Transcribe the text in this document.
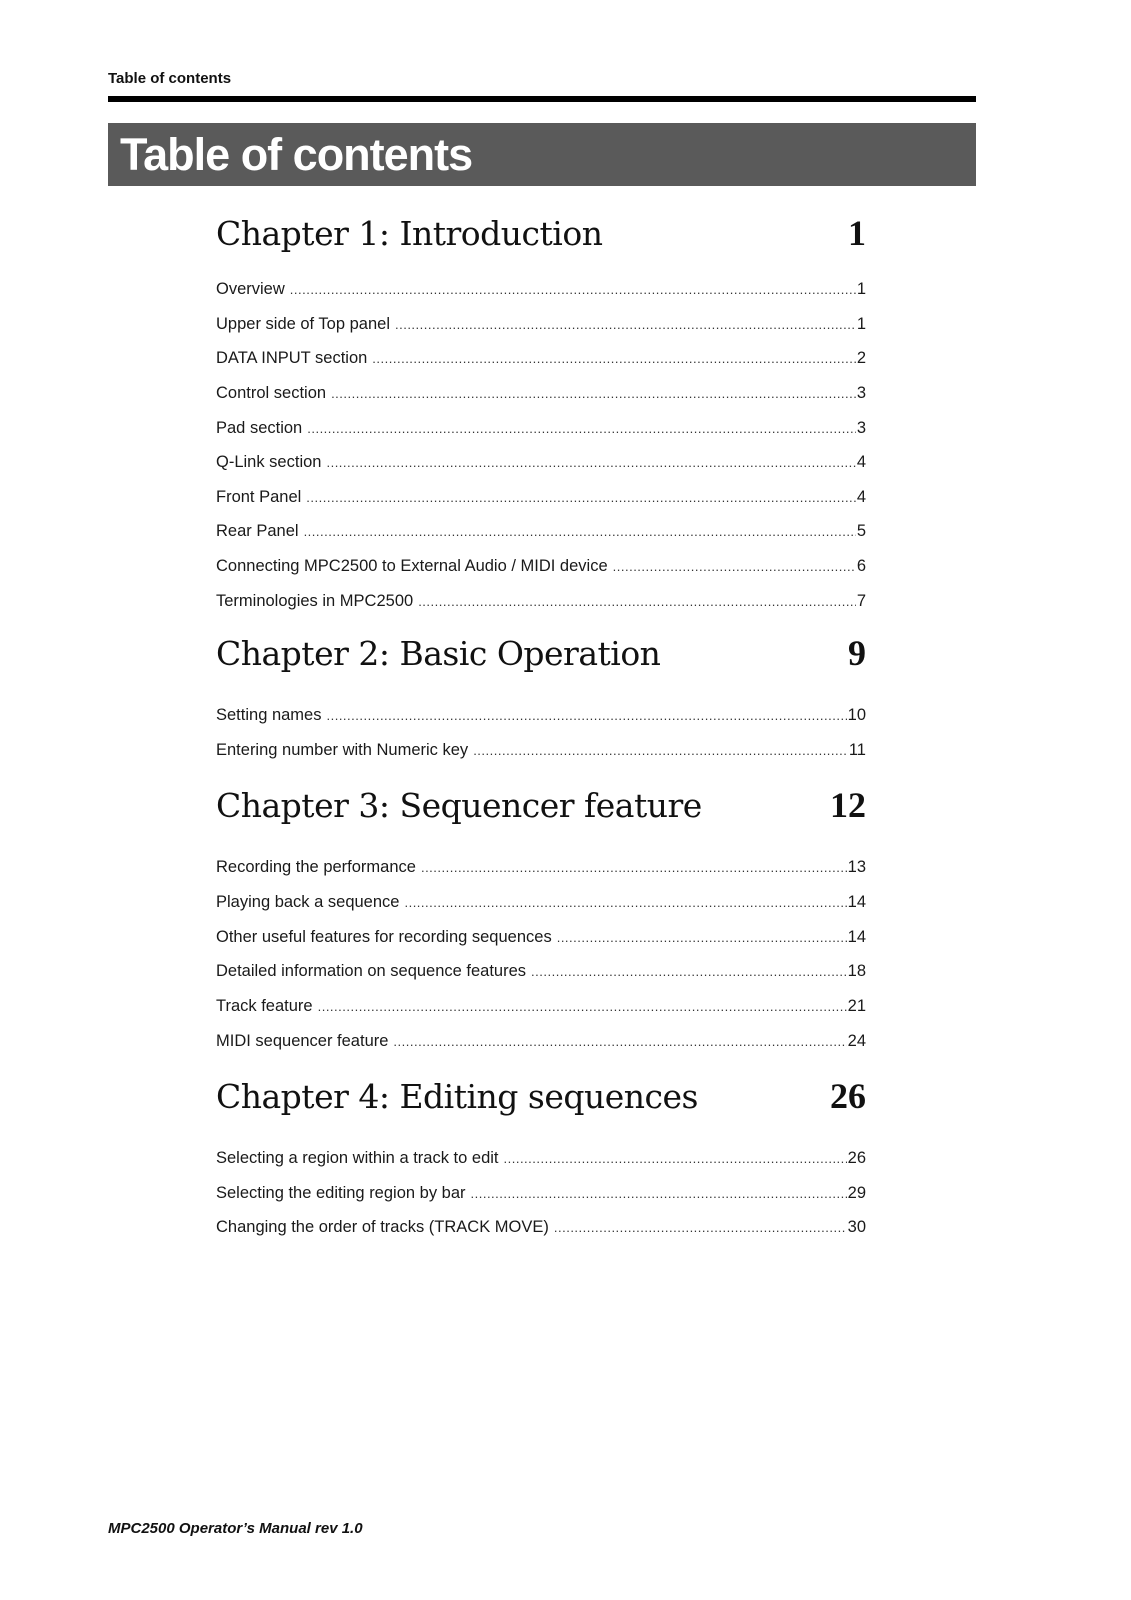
Table of contents
Table of contents
Chapter 1: Introduction	1
Overview .....	1
Upper side of Top panel .....	1
DATA INPUT section .....	2
Control section .....	3
Pad section .....	3
Q-Link section .....	4
Front Panel .....	4
Rear Panel .....	5
Connecting MPC2500 to External Audio / MIDI device .....	6
Terminologies in MPC2500 .....	7
Chapter 2: Basic Operation	9
Setting names .....	10
Entering number with Numeric key .....	11
Chapter 3: Sequencer feature	12
Recording the performance .....	13
Playing back a sequence .....	14
Other useful features for recording sequences .....	14
Detailed information on sequence features .....	18
Track feature .....	21
MIDI sequencer feature .....	24
Chapter 4: Editing sequences	26
Selecting a region within a track to edit .....	26
Selecting the editing region by bar .....	29
Changing the order of tracks (TRACK MOVE) .....	30
MPC2500 Operator’s Manual rev 1.0
